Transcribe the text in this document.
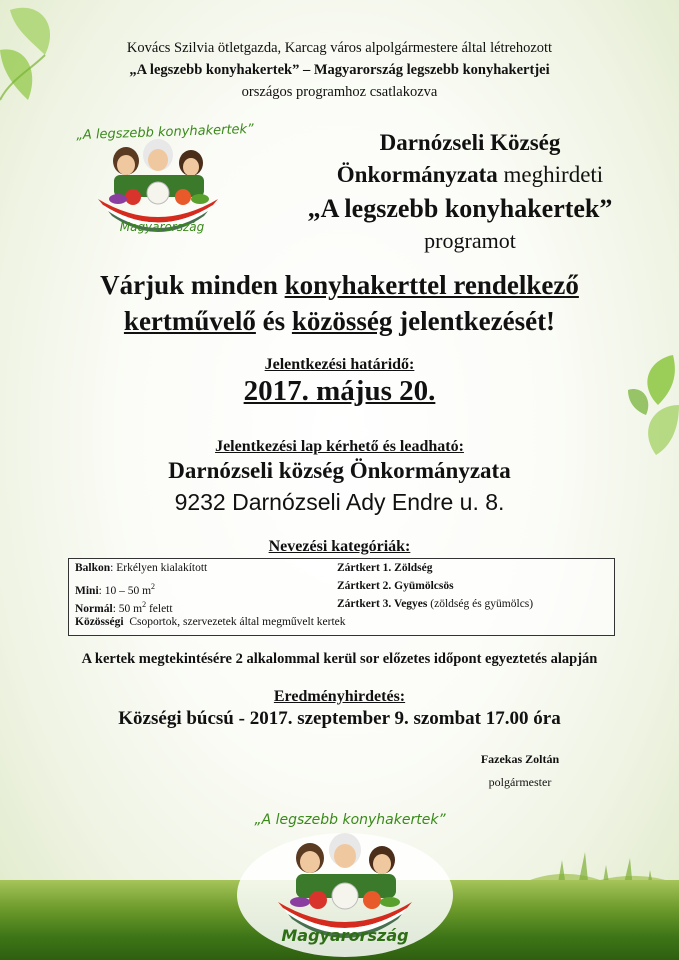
Kovács Szilvia ötletgazda, Karcag város alpolgármestere által létrehozott
„A legszebb konyhakertek” – Magyarország legszebb konyhakertjei
országos programhoz csatlakozva
„A legszebb konyhakertek”
Magyarország
Darnózseli Község
Önkormányzata meghirdeti
„A legszebb konyhakertek”
programot
Várjuk minden konyhakerttel rendelkező
kertművelő és közösség jelentkezését!
Jelentkezési határidő:
2017. május 20.
Jelentkezési lap kérhető és leadható:
Darnózseli község Önkormányzata
9232 Darnózseli Ady Endre u. 8.
Nevezési kategóriák:
Balkon: Erkélyen kialakított
Mini: 10 – 50 $m^2$
Normál: 50 $m^2$ felett
Közösségi  Csoportok, szervezetek által megművelt kertek
Zártkert 1. Zöldség
Zártkert 2. Gyümölcsös
Zártkert 3. Vegyes (zöldség és gyümölcs)
A kertek megtekintésére 2 alkalommal kerül sor előzetes időpont egyeztetés alapján
Eredményhirdetés:
Községi búcsú - 2017. szeptember 9. szombat 17.00 óra
Fazekas Zoltán
polgármester
„A legszebb konyhakertek”
Magyarország
